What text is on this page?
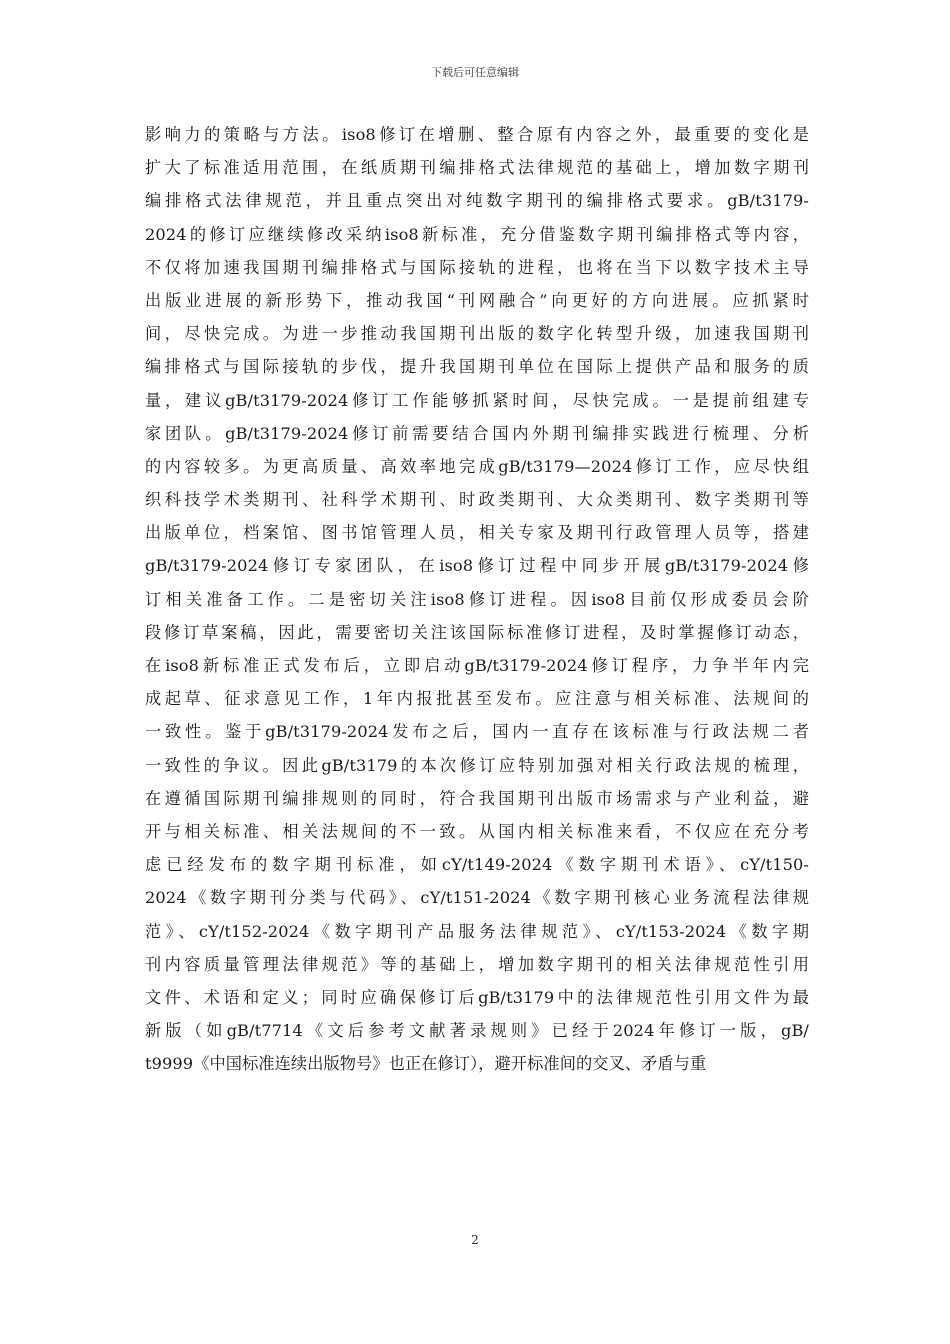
下载后可任意编辑
影响力的策略与方法。iso8修订在增删、整合原有内容之外，最重要的变化是
扩大了标准适用范围，在纸质期刊编排格式法律规范的基础上，增加数字期刊
编排格式法律规范，并且重点突出对纯数字期刊的编排格式要求。gB/t3179-
2024的修订应继续修改采纳iso8新标准，充分借鉴数字期刊编排格式等内容，
不仅将加速我国期刊编排格式与国际接轨的进程，也将在当下以数字技术主导
出版业进展的新形势下，推动我国“刊网融合”向更好的方向进展。应抓紧时
间，尽快完成。为进一步推动我国期刊出版的数字化转型升级，加速我国期刊
编排格式与国际接轨的步伐，提升我国期刊单位在国际上提供产品和服务的质
量，建议gB/t3179-2024修订工作能够抓紧时间，尽快完成。一是提前组建专
家团队。gB/t3179-2024修订前需要结合国内外期刊编排实践进行梳理、分析
的内容较多。为更高质量、高效率地完成gB/t3179—2024修订工作，应尽快组
织科技学术类期刊、社科学术期刊、时政类期刊、大众类期刊、数字类期刊等
出版单位，档案馆、图书馆管理人员，相关专家及期刊行政管理人员等，搭建
gB/t3179-2024修订专家团队，在iso8修订过程中同步开展gB/t3179-2024修
订相关准备工作。二是密切关注iso8修订进程。因iso8目前仅形成委员会阶
段修订草案稿，因此，需要密切关注该国际标准修订进程，及时掌握修订动态，
在iso8新标准正式发布后，立即启动gB/t3179-2024修订程序，力争半年内完
成起草、征求意见工作，1年内报批甚至发布。应注意与相关标准、法规间的
一致性。鉴于gB/t3179-2024发布之后，国内一直存在该标准与行政法规二者
一致性的争议。因此gB/t3179的本次修订应特别加强对相关行政法规的梳理，
在遵循国际期刊编排规则的同时，符合我国期刊出版市场需求与产业利益，避
开与相关标准、相关法规间的不一致。从国内相关标准来看，不仅应在充分考
虑已经发布的数字期刊标准，如cY/t149-2024《数字期刊术语》、cY/t150-
2024《数字期刊分类与代码》、cY/t151-2024《数字期刊核心业务流程法律规
范》、cY/t152-2024《数字期刊产品服务法律规范》、cY/t153-2024《数字期
刊内容质量管理法律规范》等的基础上，增加数字期刊的相关法律规范性引用
文件、术语和定义；同时应确保修订后gB/t3179中的法律规范性引用文件为最
新版（如gB/t7714《文后参考文献著录规则》已经于2024年修订一版，gB/
t9999《中国标准连续出版物号》也正在修订），避开标准间的交叉、矛盾与重
2
